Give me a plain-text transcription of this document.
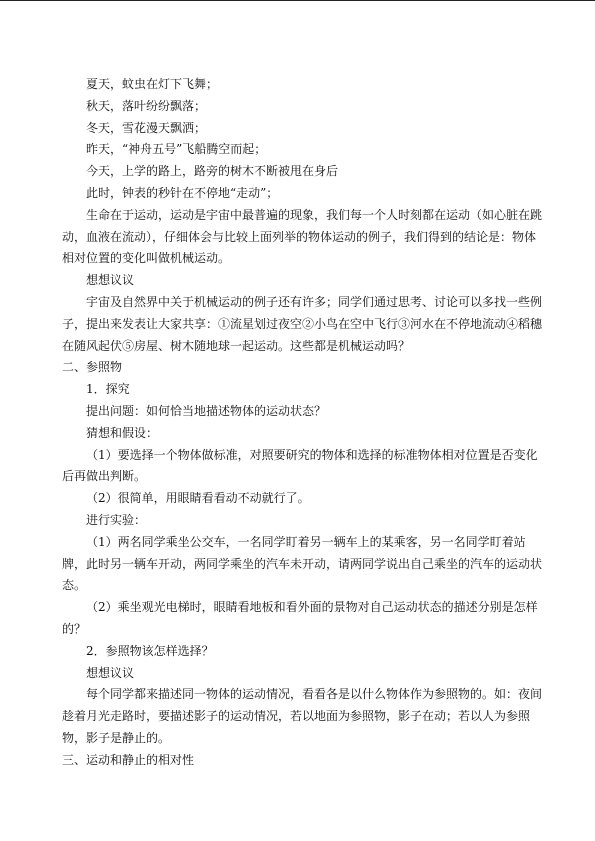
夏天，蚊虫在灯下飞舞；

秋天，落叶纷纷飘落；

冬天，雪花漫天飘洒；

昨天，“神舟五号”飞船腾空而起；

今天，上学的路上，路旁的树木不断被甩在身后

此时，钟表的秒针在不停地“走动”；

生命在于运动，运动是宇宙中最普遍的现象，我们每一个人时刻都在运动（如心脏在跳动，血液在流动），仔细体会与比较上面列举的物体运动的例子，我们得到的结论是：物体相对位置的变化叫做机械运动。

想想议议

宇宙及自然界中关于机械运动的例子还有许多；同学们通过思考、讨论可以多找一些例子，提出来发表让大家共享：①流星划过夜空②小鸟在空中飞行③河水在不停地流动④稻穗在随风起伏⑤房屋、树木随地球一起运动。这些都是机械运动吗？

二、参照物

1．探究

提出问题：如何恰当地描述物体的运动状态？

猜想和假设：

（1）要选择一个物体做标准，对照要研究的物体和选择的标准物体相对位置是否变化后再做出判断。

（2）很简单，用眼睛看看动不动就行了。

进行实验：

（1）两名同学乘坐公交车，一名同学盯着另一辆车上的某乘客，另一名同学盯着站牌，此时另一辆车开动，两同学乘坐的汽车未开动，请两同学说出自己乘坐的汽车的运动状态。

（2）乘坐观光电梯时，眼睛看地板和看外面的景物对自己运动状态的描述分别是怎样的？

2．参照物该怎样选择？

想想议议

每个同学都来描述同一物体的运动情况，看看各是以什么物体作为参照物的。如：夜间趁着月光走路时，要描述影子的运动情况，若以地面为参照物，影子在动；若以人为参照物，影子是静止的。

三、运动和静止的相对性
